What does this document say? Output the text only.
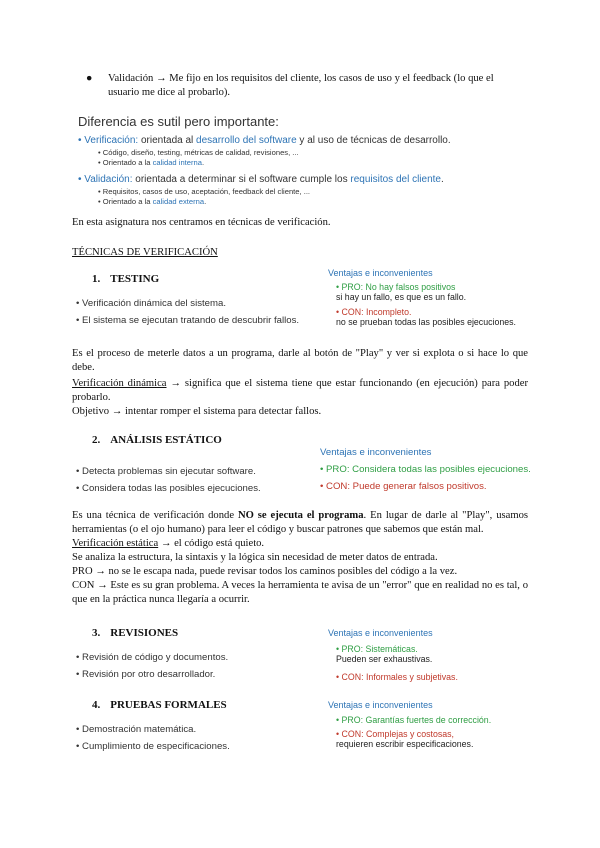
●	Validación → Me fijo en los requisitos del cliente, los casos de uso y el feedback (lo que el usuario me dice al probarlo).
Diferencia es sutil pero importante:
• Verificación: orientada al desarrollo del software y al uso de técnicas de desarrollo.
• Código, diseño, testing, métricas de calidad, revisiones, ...
• Orientado a la calidad interna.
• Validación: orientada a determinar si el software cumple los requisitos del cliente.
• Requisitos, casos de uso, aceptación, feedback del cliente, ...
• Orientado a la calidad externa.
En esta asignatura nos centramos en técnicas de verificación.
TÉCNICAS DE VERIFICACIÓN
1. TESTING
• Verificación dinámica del sistema.
• El sistema se ejecutan tratando de descubrir fallos.
Ventajas e inconvenientes
• PRO: No hay falsos positivos
si hay un fallo, es que es un fallo.
• CON: Incompleto.
no se prueban todas las posibles ejecuciones.
Es el proceso de meterle datos a un programa, darle al botón de "Play" y ver si explota o si hace lo que debe.
Verificación dinámica → significa que el sistema tiene que estar funcionando (en ejecución) para poder probarlo.
Objetivo → intentar romper el sistema para detectar fallos.
2. ANÁLISIS ESTÁTICO
• Detecta problemas sin ejecutar software.
• Considera todas las posibles ejecuciones.
Ventajas e inconvenientes
• PRO: Considera todas las posibles ejecuciones.
• CON: Puede generar falsos positivos.
Es una técnica de verificación donde NO se ejecuta el programa. En lugar de darle al "Play", usamos herramientas (o el ojo humano) para leer el código y buscar patrones que sabemos que están mal.
Verificación estática → el código está quieto.
Se analiza la estructura, la sintaxis y la lógica sin necesidad de meter datos de entrada.
PRO → no se le escapa nada, puede revisar todos los caminos posibles del código a la vez.
CON → Este es su gran problema. A veces la herramienta te avisa de un "error" que en realidad no es tal, o que en la práctica nunca llegaría a ocurrir.
3. REVISIONES
• Revisión de código y documentos.
• Revisión por otro desarrollador.
Ventajas e inconvenientes
• PRO: Sistemáticas.
Pueden ser exhaustivas.
• CON: Informales y subjetivas.
4. PRUEBAS FORMALES
• Demostración matemática.
• Cumplimiento de especificaciones.
Ventajas e inconvenientes
• PRO: Garantías fuertes de corrección.
• CON: Complejas y costosas,
requieren escribir especificaciones.
